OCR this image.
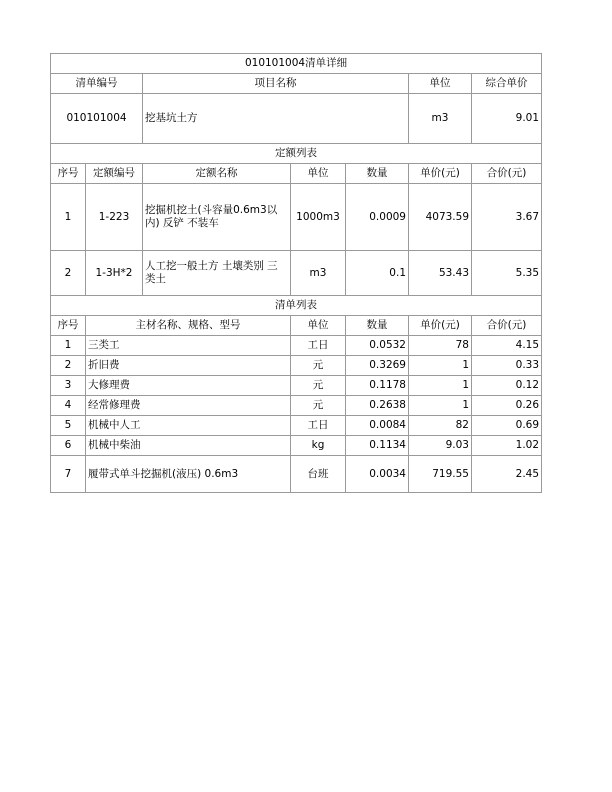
010101004清单详细						
清单编号		项目名称			单位	综合单价
010101004		挖基坑土方			m3	9.01
定额列表						
序号	定额编号	定额名称	单位	数量	单价(元)	合价(元)
1	1-223	挖掘机挖土(斗容量0.6m3以内) 反铲 不装车	1000m3	0.0009	4073.59	3.67
2	1-3H*2	人工挖一般土方 土壤类别 三类土	m3	0.1	53.43	5.35
清单列表						
序号	主材名称、规格、型号		单位	数量	单价(元)	合价(元)
1	三类工		工日	0.0532	78	4.15
2	折旧费		元	0.3269	1	0.33
3	大修理费		元	0.1178	1	0.12
4	经常修理费		元	0.2638	1	0.26
5	机械中人工		工日	0.0084	82	0.69
6	机械中柴油		kg	0.1134	9.03	1.02
7	履带式单斗挖掘机(液压) 0.6m3		台班	0.0034	719.55	2.45
